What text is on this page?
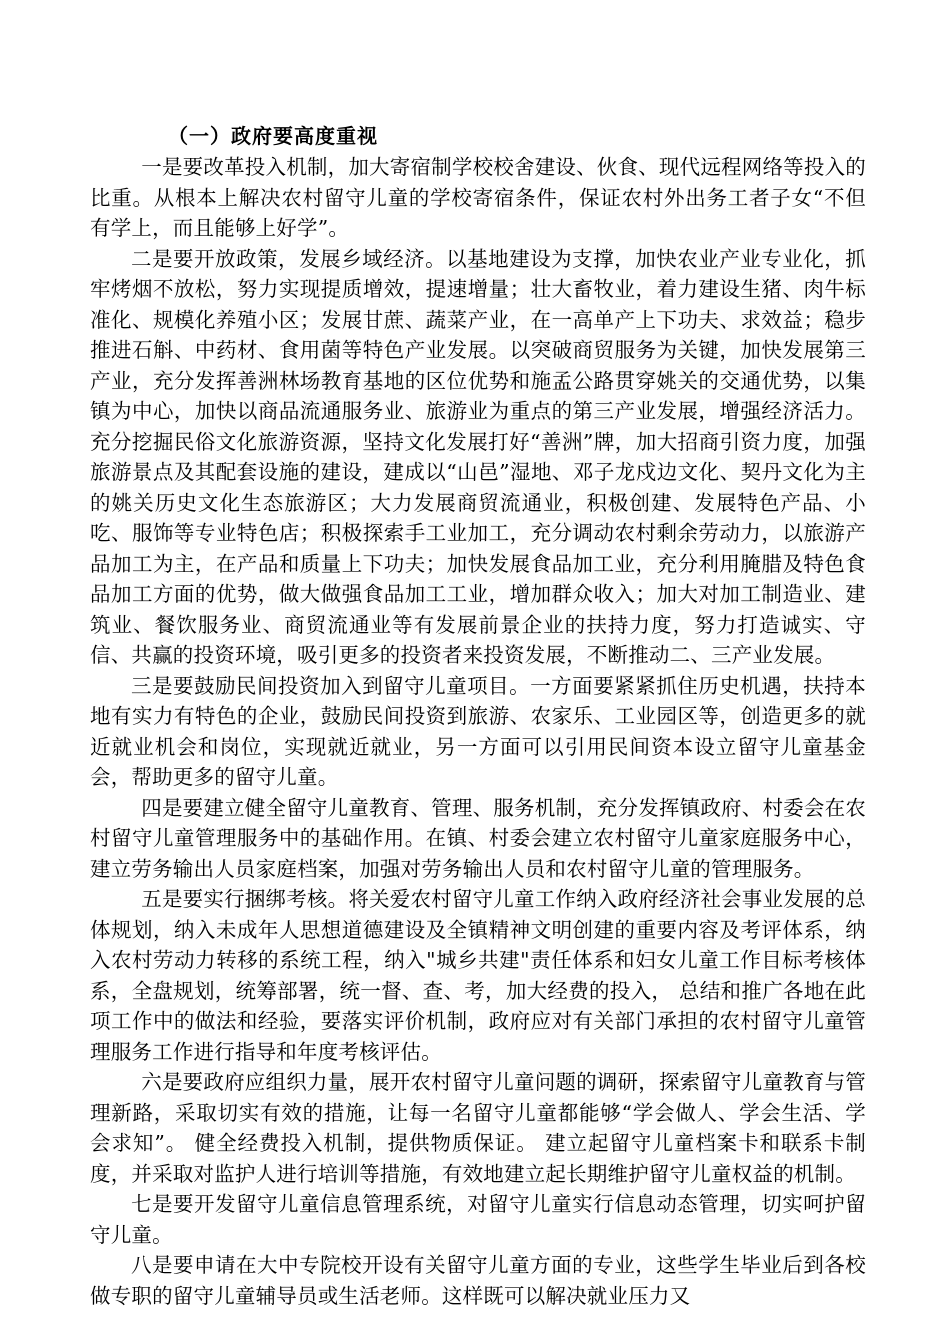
（一）政府要高度重视

一是要改革投入机制，加大寄宿制学校校舍建设、伙食、现代远程网络等投入的比重。从根本上解决农村留守儿童的学校寄宿条件，保证农村外出务工者子女“不但有学上，而且能够上好学”。

二是要开放政策，发展乡域经济。以基地建设为支撑，加快农业产业专业化，抓牢烤烟不放松，努力实现提质增效，提速增量；壮大畜牧业，着力建设生猪、肉牛标准化、规模化养殖小区；发展甘蔗、蔬菜产业，在一高单产上下功夫、求效益；稳步推进石斛、中药材、食用菌等特色产业发展。以突破商贸服务为关键，加快发展第三产业，充分发挥善洲林场教育基地的区位优势和施孟公路贯穿姚关的交通优势，以集镇为中心，加快以商品流通服务业、旅游业为重点的第三产业发展，增强经济活力。充分挖掘民俗文化旅游资源，坚持文化发展打好“善洲”牌，加大招商引资力度，加强旅游景点及其配套设施的建设，建成以“山邑”湿地、邓子龙戍边文化、契丹文化为主的姚关历史文化生态旅游区；大力发展商贸流通业，积极创建、发展特色产品、小吃、服饰等专业特色店；积极探索手工业加工，充分调动农村剩余劳动力，以旅游产品加工为主，在产品和质量上下功夫；加快发展食品加工业，充分利用腌腊及特色食品加工方面的优势，做大做强食品加工工业，增加群众收入；加大对加工制造业、建筑业、餐饮服务业、商贸流通业等有发展前景企业的扶持力度，努力打造诚实、守信、共赢的投资环境，吸引更多的投资者来投资发展，不断推动二、三产业发展。

三是要鼓励民间投资加入到留守儿童项目。一方面要紧紧抓住历史机遇，扶持本地有实力有特色的企业，鼓励民间投资到旅游、农家乐、工业园区等，创造更多的就近就业机会和岗位，实现就近就业，另一方面可以引用民间资本设立留守儿童基金会，帮助更多的留守儿童。

四是要建立健全留守儿童教育、管理、服务机制，充分发挥镇政府、村委会在农村留守儿童管理服务中的基础作用。在镇、村委会建立农村留守儿童家庭服务中心，建立劳务输出人员家庭档案，加强对劳务输出人员和农村留守儿童的管理服务。

五是要实行捆绑考核。将关爱农村留守儿童工作纳入政府经济社会事业发展的总体规划，纳入未成年人思想道德建设及全镇精神文明创建的重要内容及考评体系，纳入农村劳动力转移的系统工程，纳入"城乡共建"责任体系和妇女儿童工作目标考核体系，全盘规划，统筹部署，统一督、查、考，加大经费的投入， 总结和推广各地在此项工作中的做法和经验，要落实评价机制，政府应对有关部门承担的农村留守儿童管理服务工作进行指导和年度考核评估。

六是要政府应组织力量，展开农村留守儿童问题的调研，探索留守儿童教育与管理新路，采取切实有效的措施，让每一名留守儿童都能够“学会做人、学会生活、学会求知”。 健全经费投入机制，提供物质保证。 建立起留守儿童档案卡和联系卡制度，并采取对监护人进行培训等措施，有效地建立起长期维护留守儿童权益的机制。

七是要开发留守儿童信息管理系统，对留守儿童实行信息动态管理，切实呵护留守儿童。

八是要申请在大中专院校开设有关留守儿童方面的专业，这些学生毕业后到各校做专职的留守儿童辅导员或生活老师。这样既可以解决就业压力又
